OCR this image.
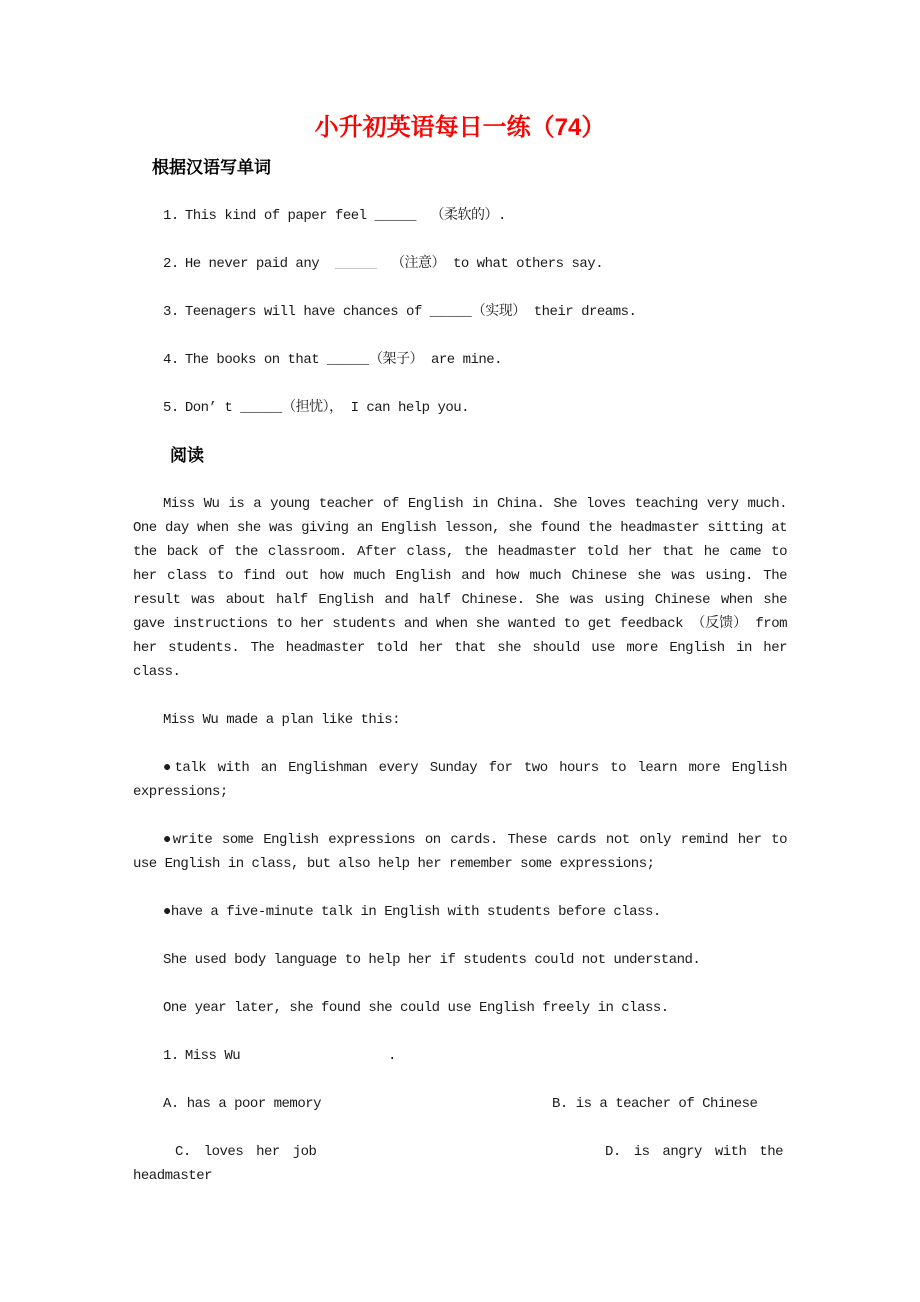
小升初英语每日一练（74）
根据汉语写单词

1. This kind of paper feel _____ （柔软的）.

2. He never paid any _____ （注意） to what others say.

3. Teenagers will have chances of _____（实现） their dreams.

4. The books on that _____（架子） are mine.

5. Don’ t _____（担忧）， I can help you.

阅读

Miss Wu is a young teacher of English in China. She loves teaching very much. One day when she was giving an English lesson, she found the headmaster sitting at the back of the classroom. After class, the headmaster told her that he came to her class to find out how much English and how much Chinese she was using. The result was about half English and half Chinese. She was using Chinese when she gave instructions to her students and when she wanted to get feedback （反馈） from her students. The headmaster told her that she should use more English in her class.

Miss Wu made a plan like this:

●talk with an Englishman every Sunday for two hours to learn more English expressions;

●write some English expressions on cards. These cards not only remind her to use English in class, but also help her remember some expressions;

●have a five-minute talk in English with students before class.

She used body language to help her if students could not understand.

One year later, she found she could use English freely in class.

1. Miss Wu	.

A. has a poor memory	B. is a teacher of Chinese
C. loves her job	D. is angry with the

headmaster
